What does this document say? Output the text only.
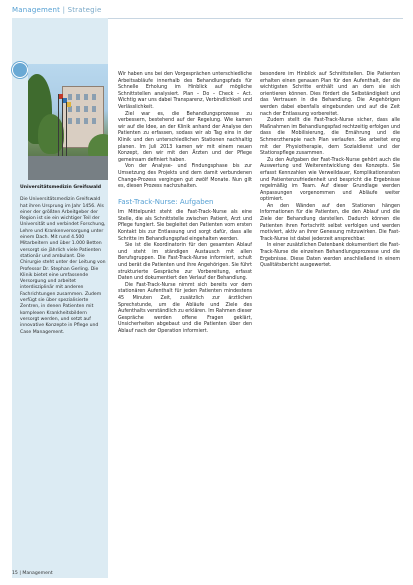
Management | Strategie
Universitätsmedizin Greifswald
Die Universitätsmedizin Greifswald hat ihren Ursprung im Jahr 1456. Als einer der größten Arbeitgeber der Region ist sie ein wichtiger Teil der Universität und verbindet Forschung, Lehre und Krankenversorgung unter einem Dach. Mit rund 4.500 Mitarbeitern und über 1.000 Betten versorgt sie jährlich viele Patienten stationär und ambulant. Die Chirurgie steht unter der Leitung von Professor Dr. Stephan Gerling. Die Klinik bietet eine umfassende Versorgung und arbeitet interdisziplinär mit anderen Fachrichtungen zusammen. Zudem verfügt sie über spezialisierte Zentren, in denen Patienten mit komplexen Krankheitsbildern versorgt werden, und setzt auf innovative Konzepte in Pflege und Case Management.

Wir haben uns bei den Vorgesprächen unterschiedliche Arbeitsabläufe innerhalb des Behandlungspfads für Schnelle Erholung im Hinblick auf mögliche Schnittstellen analysiert. Plan – Do – Check – Act. Wichtig war uns dabei Transparenz, Verbindlichkeit und Verlässlichkeit.

Ziel war es, die Behandlungsprozesse zu verbessern, bestehend auf der Regelung. Wie kamen wir auf die Idee, an der Klinik anhand der Analyse den Patienten zu erfassen, sodass wir ab Tag eins in der Klinik und den unterschiedlichen Stationen nachhaltig planen. Im Juli 2013 kamen wir mit einem neuen Konzept, den wir mit den Ärzten und der Pflege gemeinsam definiert haben.

Von der Analyse- und Findungsphase bis zur Umsetzung des Projekts und dem damit verbundenen Change-Prozess vergingen gut zwölf Monate. Nun gilt es, diesen Prozess nachzuhalten.

Fast-Track-Nurse: Aufgaben

Im Mittelpunkt steht die Fast-Track-Nurse als eine Stelle, die als Schnittstelle zwischen Patient, Arzt und Pflege fungiert. Sie begleitet den Patienten vom ersten Kontakt bis zur Entlassung und sorgt dafür, dass alle Schritte im Behandlungspfad eingehalten werden.

Sie ist die Koordinatorin für den gesamten Ablauf und steht im ständigen Austausch mit allen Berufsgruppen. Die Fast-Track-Nurse informiert, schult und berät die Patienten und ihre Angehörigen. Sie führt strukturierte Gespräche zur Vorbereitung, erfasst Daten und dokumentiert den Verlauf der Behandlung.

Die Fast-Track-Nurse nimmt sich bereits vor dem stationären Aufenthalt für jeden Patienten mindestens 45 Minuten Zeit, zusätzlich zur ärztlichen Sprechstunde, um die Abläufe und Ziele des Aufenthalts verständlich zu erklären. Im Rahmen dieser Gespräche werden offene Fragen geklärt, Unsicherheiten abgebaut und die Patienten über den Ablauf nach der Operation informiert.

besondere im Hinblick auf Schnittstellen. Die Patienten erhalten einen genauen Plan für den Aufenthalt, der die wichtigsten Schritte enthält und an dem sie sich orientieren können. Dies fördert die Selbständigkeit und das Vertrauen in die Behandlung. Die Angehörigen werden dabei ebenfalls eingebunden und auf die Zeit nach der Entlassung vorbereitet.

Zudem stellt die Fast-Track-Nurse sicher, dass alle Maßnahmen im Behandlungspfad rechtzeitig erfolgen und dass die Mobilisierung, die Ernährung und die Schmerztherapie nach Plan verlaufen. Sie arbeitet eng mit der Physiotherapie, dem Sozialdienst und der Stationspflege zusammen.

Zu den Aufgaben der Fast-Track-Nurse gehört auch die Auswertung und Weiterentwicklung des Konzepts. Sie erfasst Kennzahlen wie Verweildauer, Komplikationsraten und Patientenzufriedenheit und bespricht die Ergebnisse regelmäßig im Team. Auf dieser Grundlage werden Anpassungen vorgenommen und Abläufe weiter optimiert.

An den Wänden auf den Stationen hängen Informationen für die Patienten, die den Ablauf und die Ziele der Behandlung darstellen. Dadurch können die Patienten ihren Fortschritt selbst verfolgen und werden motiviert, aktiv an ihrer Genesung mitzuwirken. Die Fast-Track-Nurse ist dabei jederzeit ansprechbar.

In einer zusätzlichen Datenbank dokumentiert die Fast-Track-Nurse die einzelnen Behandlungsprozesse und die Ergebnisse. Diese Daten werden anschließend in einem Qualitätsbericht ausgewertet.

15 | Management
